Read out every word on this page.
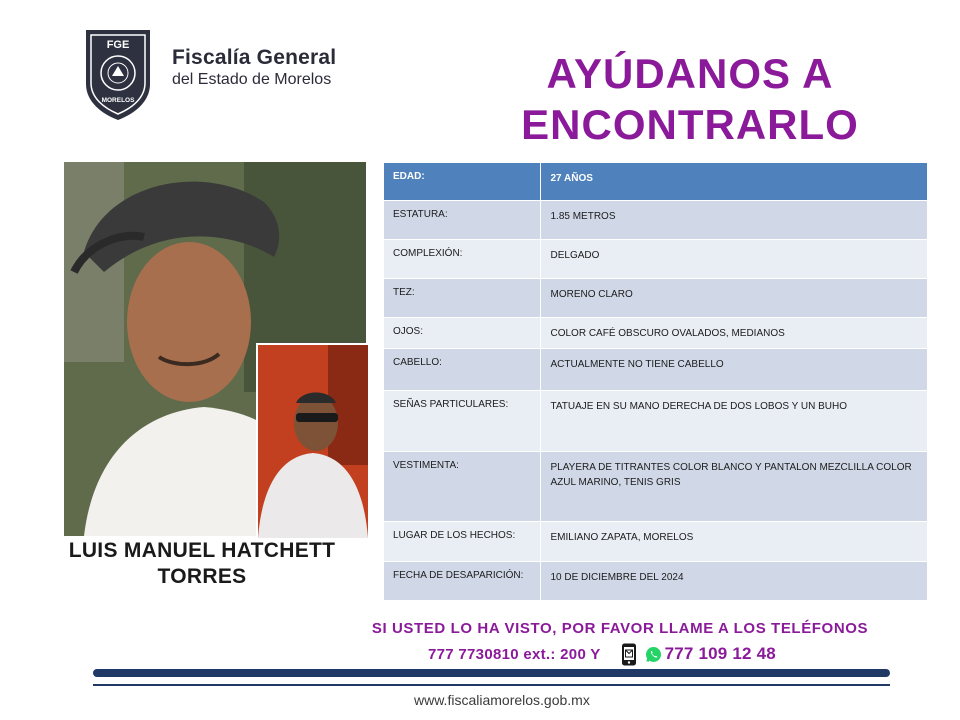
FGE
MORELOS
Fiscalía General
del Estado de Morelos	AYÚDANOS A
ENCONTRARLO
LUIS MANUEL HATCHETT
TORRES
EDAD:	27 AÑOS
ESTATURA:	1.85 METROS
COMPLEXIÓN:	DELGADO
TEZ:	MORENO CLARO
OJOS:	COLOR CAFÉ OBSCURO OVALADOS, MEDIANOS
CABELLO:	ACTUALMENTE NO TIENE CABELLO
SEÑAS PARTICULARES:	TATUAJE EN SU MANO DERECHA DE DOS LOBOS Y UN BUHO
VESTIMENTA:	PLAYERA DE TITRANTES COLOR BLANCO Y PANTALON MEZCLILLA COLOR AZUL MARINO, TENIS GRIS
LUGAR DE LOS HECHOS:	EMILIANO ZAPATA, MORELOS
FECHA DE DESAPARICIÓN:	10 DE DICIEMBRE DEL 2024
SI USTED LO HA VISTO, POR FAVOR LLAME A LOS TELÉFONOS
777 7730810 ext.: 200 Y	777 109 12 48
www.fiscaliamorelos.gob.mx
